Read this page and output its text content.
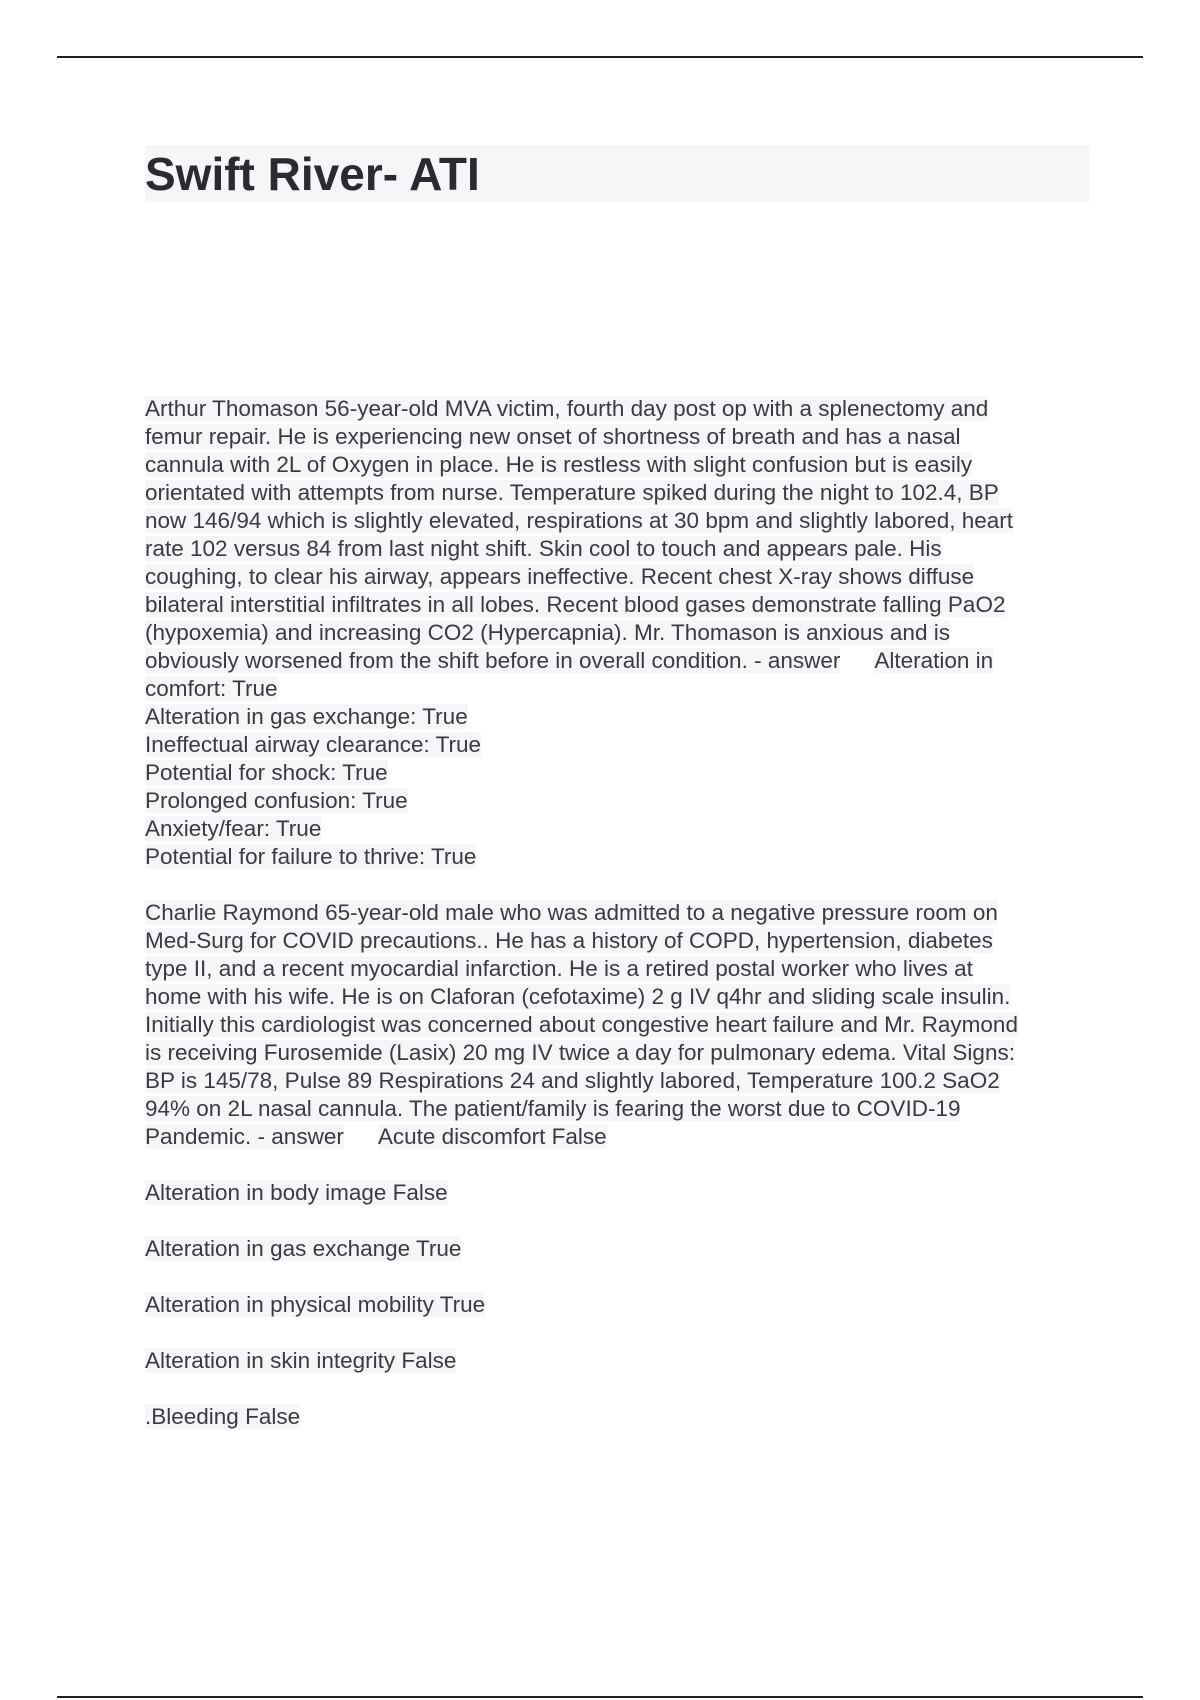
Swift River- ATI

Arthur Thomason 56-year-old MVA victim, fourth day post op with a splenectomy and
femur repair. He is experiencing new onset of shortness of breath and has a nasal
cannula with 2L of Oxygen in place. He is restless with slight confusion but is easily
orientated with attempts from nurse. Temperature spiked during the night to 102.4, BP
now 146/94 which is slightly elevated, respirations at 30 bpm and slightly labored, heart
rate 102 versus 84 from last night shift. Skin cool to touch and appears pale. His
coughing, to clear his airway, appears ineffective. Recent chest X-ray shows diffuse
bilateral interstitial infiltrates in all lobes. Recent blood gases demonstrate falling PaO2
(hypoxemia) and increasing CO2 (Hypercapnia). Mr. Thomason is anxious and is
obviously worsened from the shift before in overall condition. - answer Alteration in
comfort: True
Alteration in gas exchange: True
Ineffectual airway clearance: True
Potential for shock: True
Prolonged confusion: True
Anxiety/fear: True
Potential for failure to thrive: True

Charlie Raymond 65-year-old male who was admitted to a negative pressure room on
Med-Surg for COVID precautions.. He has a history of COPD, hypertension, diabetes
type II, and a recent myocardial infarction. He is a retired postal worker who lives at
home with his wife. He is on Claforan (cefotaxime) 2 g IV q4hr and sliding scale insulin.
Initially this cardiologist was concerned about congestive heart failure and Mr. Raymond
is receiving Furosemide (Lasix) 20 mg IV twice a day for pulmonary edema. Vital Signs:
BP is 145/78, Pulse 89 Respirations 24 and slightly labored, Temperature 100.2 SaO2
94% on 2L nasal cannula. The patient/family is fearing the worst due to COVID-19
Pandemic. - answer Acute discomfort False

Alteration in body image False

Alteration in gas exchange True

Alteration in physical mobility True

Alteration in skin integrity False

.Bleeding False
